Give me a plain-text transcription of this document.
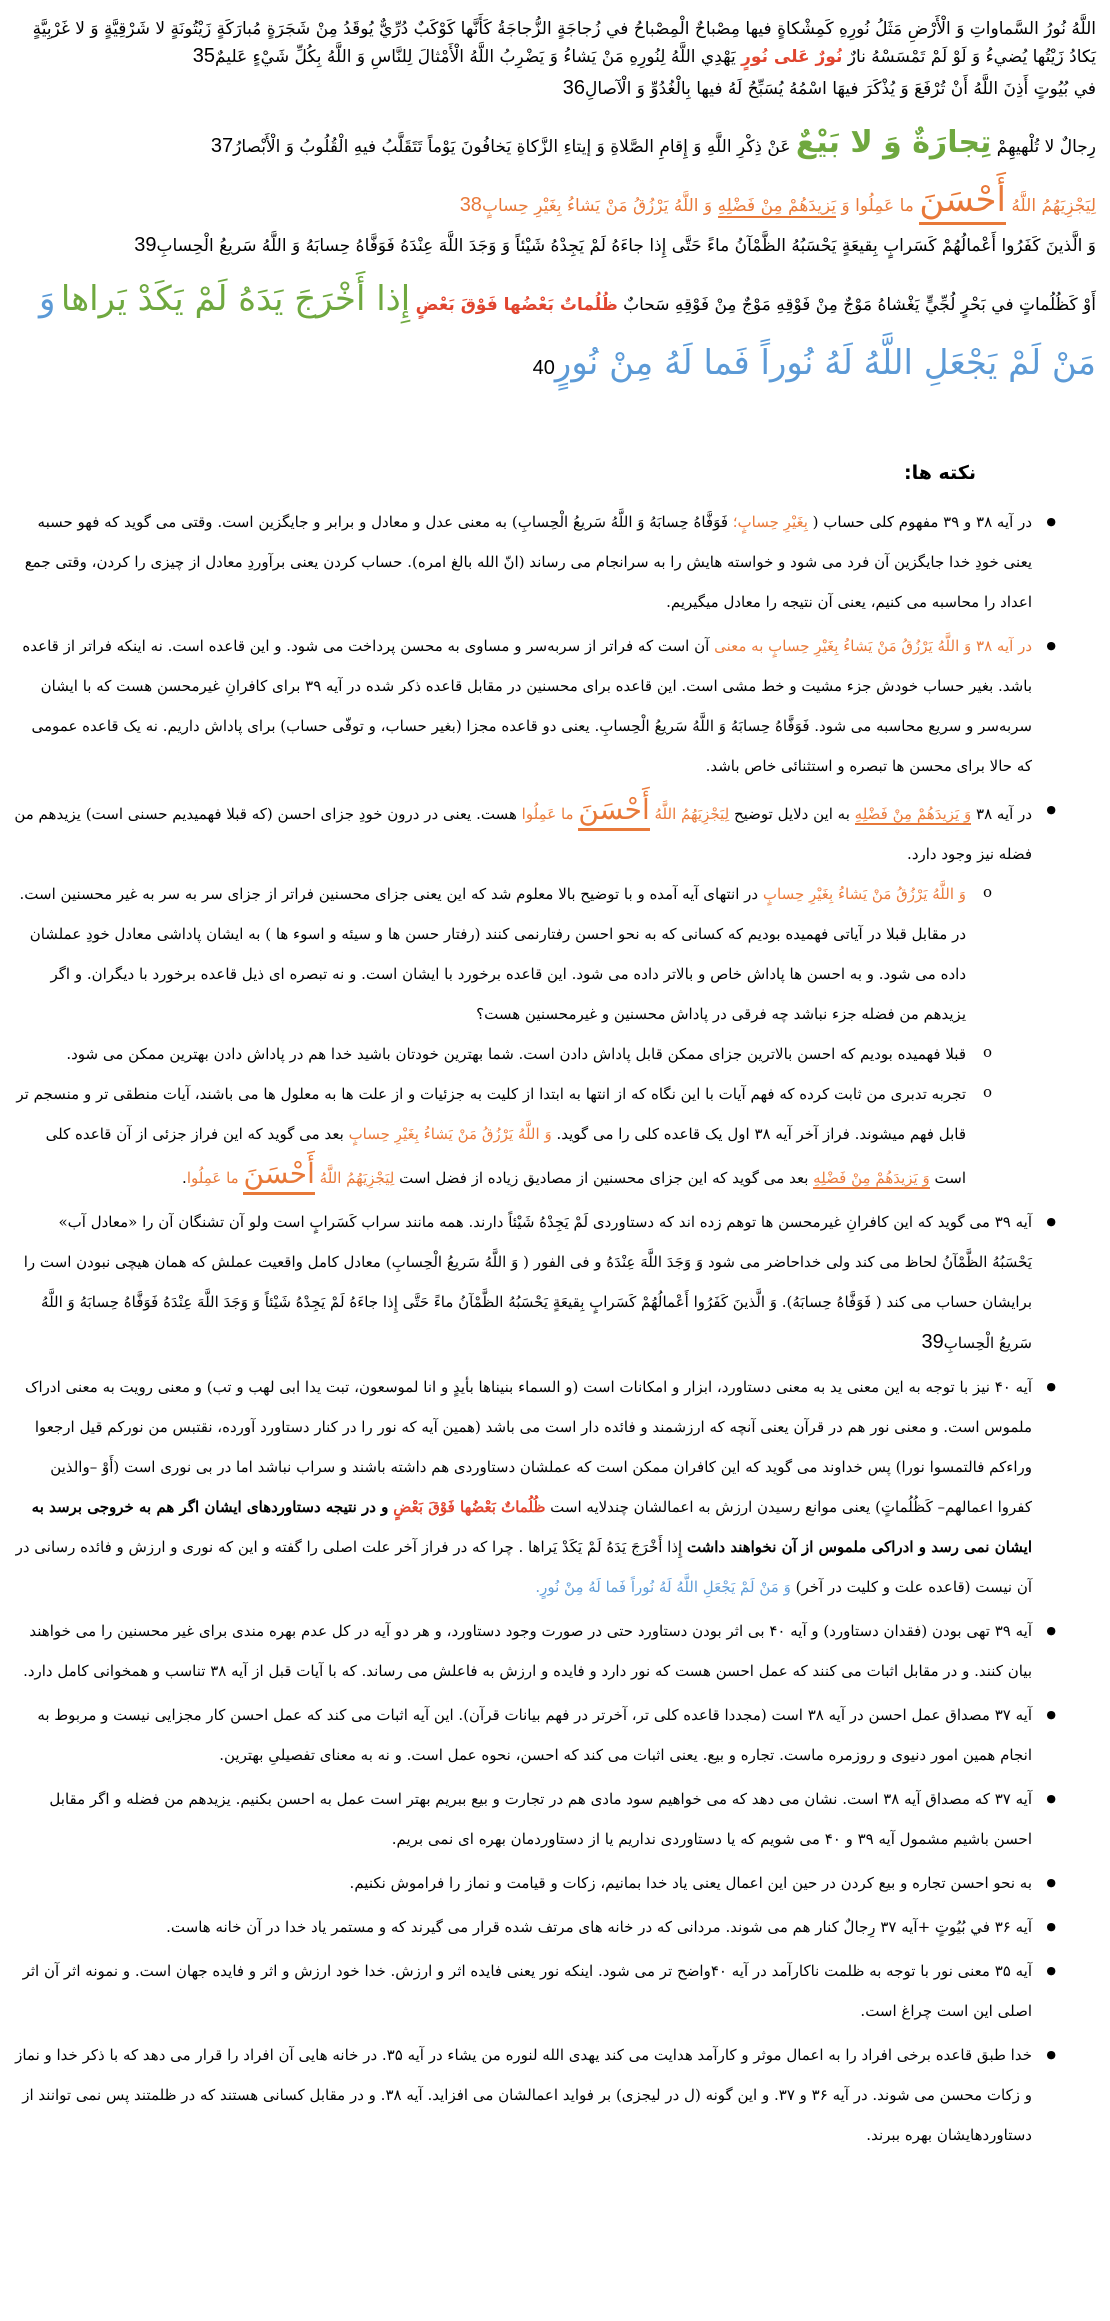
اللَّهُ نُورُ السَّماواتِ وَ الْأَرْضِ مَثَلُ نُورِهِ كَمِشْكاةٍ فيها مِصْباحٌ الْمِصْباحُ في زُجاجَةٍ الزُّجاجَةُ كَأَنَّها كَوْكَبٌ دُرِّيٌّ يُوقَدُ مِنْ شَجَرَةٍ مُبارَكَةٍ زَيْتُونَةٍ لا شَرْقِيَّةٍ وَ لا غَرْبِيَّةٍ يَكادُ زَيْتُها يُضي‏ءُ وَ لَوْ لَمْ تَمْسَسْهُ نارٌ نُورٌ عَلى‏ نُورٍ يَهْدِي اللَّهُ لِنُورِهِ مَنْ يَشاءُ وَ يَضْرِبُ اللَّهُ الْأَمْثالَ لِلنَّاسِ وَ اللَّهُ بِكُلِّ شَيْ‏ءٍ عَليمٌ35

في‏ بُيُوتٍ أَذِنَ اللَّهُ أَنْ تُرْفَعَ وَ يُذْكَرَ فيهَا اسْمُهُ يُسَبِّحُ لَهُ فيها بِالْغُدُوِّ وَ الْآصالِ36

رِجالٌ لا تُلْهيهِمْ تِجارَةٌ وَ لا بَيْعٌ عَنْ ذِكْرِ اللَّهِ وَ إِقامِ الصَّلاةِ وَ إيتاءِ الزَّكاةِ يَخافُونَ يَوْماً تَتَقَلَّبُ فيهِ الْقُلُوبُ وَ الْأَبْصارُ37

لِيَجْزِيَهُمُ اللَّهُ أَحْسَنَ ما عَمِلُوا وَ يَزيدَهُمْ مِنْ فَضْلِهِ وَ اللَّهُ يَرْزُقُ مَنْ يَشاءُ بِغَيْرِ حِسابٍ38

وَ الَّذينَ كَفَرُوا أَعْمالُهُمْ كَسَرابٍ بِقيعَةٍ يَحْسَبُهُ الظَّمْآنُ ماءً حَتَّى إِذا جاءَهُ لَمْ يَجِدْهُ شَيْئاً وَ وَجَدَ اللَّهَ عِنْدَهُ فَوَفَّاهُ حِسابَهُ وَ اللَّهُ سَريعُ الْحِسابِ39

أَوْ كَظُلُماتٍ في‏ بَحْرٍ لُجِّيٍّ يَغْشاهُ مَوْجٌ مِنْ فَوْقِهِ مَوْجٌ مِنْ فَوْقِهِ سَحابٌ ظُلُماتٌ بَعْضُها فَوْقَ بَعْضٍ إِذا أَخْرَجَ يَدَهُ لَمْ يَكَدْ يَراها وَ مَنْ لَمْ يَجْعَلِ اللَّهُ لَهُ نُوراً فَما لَهُ مِنْ نُورٍ40

نکته ها:
● در آیه ۳۸ و ۳۹ مفهوم کلی حساب ( بِغَيْرِ حِسابٍ؛ فَوَفَّاهُ حِسابَهُ وَ اللَّهُ سَريعُ الْحِسابِ) به معنی عدل و معادل و برابر و جایگزین است. وقتی می گوید که فهو حسبه یعنی خودِ خدا جایگزین آن فرد می شود و خواسته هایش را به سرانجام می رساند (انّ الله بالغ امره). حساب کردن یعنی برآوردِ معادل از چیزی را کردن، وقتی جمع اعداد را محاسبه می کنیم، یعنی آن نتیجه را معادل میگیریم.
● در آیه ۳۸ وَ اللَّهُ يَرْزُقُ مَنْ يَشاءُ بِغَيْرِ حِسابٍ به معنی آن است که فراتر از سربه‌سر و مساوی به محسن پرداخت می شود. و این قاعده است. نه اینکه فراتر از قاعده باشد. بغیر حساب خودش جزء مشیت و خط مشی است. این قاعده برای محسنین در مقابل قاعده ذکر شده در آیه ۳۹ برای کافرانِ غیرمحسن هست که با ایشان سربه‌سر و سریع محاسبه می شود. فَوَفَّاهُ حِسابَهُ وَ اللَّهُ سَريعُ الْحِسابِ. یعنی دو قاعده مجزا (بغیر حساب، و توفّی حساب) برای پاداش داریم. نه یک قاعده عمومی که حالا برای محسن ها تبصره و استثنائی خاص باشد.
● در آیه ۳۸ وَ يَزيدَهُمْ مِنْ فَضْلِهِ به این دلایل توضیح لِيَجْزِيَهُمُ اللَّهُ أَحْسَنَ ما عَمِلُوا هست. یعنی در درون خودِ جزای احسن (که قبلا فهمیدیم حسنی است) یزیدهم من فضله نیز وجود دارد.
o وَ اللَّهُ يَرْزُقُ مَنْ يَشاءُ بِغَيْرِ حِسابٍ در انتهای آیه آمده و با توضیح بالا معلوم شد که این یعنی جزای محسنین فراتر از جزای سر به سر به غیر محسنین است. در مقابل قبلا در آیاتی فهمیده بودیم که کسانی که به نحو احسن رفتارنمی کنند (رفتار حسن ها و سیئه و اسوء ها ) به ایشان پاداشی معادل خودِ عملشان داده می شود. و به احسن ها پاداش خاص و بالاتر داده می شود. این قاعده برخورد با ایشان است. و نه تبصره ای ذیل قاعده برخورد با دیگران. و اگر یزیدهم من فضله جزء نباشد چه فرقی در پاداش محسنین و غیرمحسنین هست؟
o قبلا فهمیده بودیم که احسن بالاترین جزای ممکن قابل پاداش دادن است. شما بهترین خودتان باشید خدا هم در پاداش دادن بهترین ممکن می شود.
o تجربه تدبری من ثابت کرده که فهم آیات با این نگاه که از انتها به ابتدا از کلیت به جزئیات و از علت ها به معلول ها می باشند، آیات منطقی تر و منسجم تر قابل فهم میشوند. فراز آخر آیه ۳۸ اول یک قاعده کلی را می گوید. وَ اللَّهُ يَرْزُقُ مَنْ يَشاءُ بِغَيْرِ حِسابٍ بعد می گوید که این فراز جزئی از آن قاعده کلی است وَ يَزيدَهُمْ مِنْ فَضْلِهِ بعد می گوید که این جزای محسنین از مصادیق زیاده از فضل است لِيَجْزِيَهُمُ اللَّهُ أَحْسَنَ ما عَمِلُوا.
● آیه ۳۹ می گوید که این کافرانِ غیرمحسن ها توهم زده اند که دستاوردی لَمْ يَجِدْهُ شَيْئاً دارند. همه مانند سراب كَسَرابٍ است ولو آن تشنگان آن را «معادل آب» يَحْسَبُهُ الظَّمْآنُ لحاظ می کند ولی خداحاضر می شود وَ وَجَدَ اللَّهَ عِنْدَهُ و فی الفور ( وَ اللَّهُ سَريعُ الْحِسابِ) معادل کامل واقعیت عملش که همان هیچی نبودن است را برایشان حساب می کند ( فَوَفَّاهُ حِسابَهُ). وَ الَّذينَ كَفَرُوا أَعْمالُهُمْ كَسَرابٍ بِقيعَةٍ يَحْسَبُهُ الظَّمْآنُ ماءً حَتَّى إِذا جاءَهُ لَمْ يَجِدْهُ شَيْئاً وَ وَجَدَ اللَّهَ عِنْدَهُ فَوَفَّاهُ حِسابَهُ وَ اللَّهُ سَريعُ الْحِسابِ39
● آیه ۴۰ نیز با توجه به این معنی ید به معنی دستاورد، ابزار و امکانات است (و السماء بنیناها بأیدٍ و انا لموسعون، تبت یدا ابی لهب و تب) و معنی رویت به معنی ادراک ملموس است. و معنی نور هم در قرآن یعنی آنچه که ارزشمند و فائده دار است می باشد (همین آیه که نور را در کنار دستاورد آورده، نقتبس من نورکم قیل ارجعوا وراءکم فالتمسوا نورا) پس خداوند می گوید که این کافران ممکن است که عملشان دستاوردی هم داشته باشند و سراب نباشد اما در بی نوری است (أَوْ –والذین کفروا اعمالهم– كَظُلُماتٍ) یعنی موانع رسیدن ارزش به اعمالشان چندلایه است ظُلُماتٌ بَعْضُها فَوْقَ بَعْضٍ و در نتیجه دستاوردهای ایشان اگر هم به خروجی برسد به ایشان نمی رسد و ادراکی ملموس از آن نخواهند داشت إِذا أَخْرَجَ يَدَهُ لَمْ يَكَدْ يَراها . چرا که در فراز آخر علت اصلی را گفته و این که نوری و ارزش و فائده رسانی در آن نیست (قاعده علت و کلیت در آخر) وَ مَنْ لَمْ يَجْعَلِ اللَّهُ لَهُ نُوراً فَما لَهُ مِنْ نُورٍ.
● آیه ۳۹ تهی بودن (فقدان دستاورد) و آیه ۴۰ بی اثر بودن دستاورد حتی در صورت وجود دستاورد، و هر دو آیه در کل عدم بهره مندی برای غیر محسنین را می خواهند بیان کنند. و در مقابل اثبات می کنند که عمل احسن هست که نور دارد و فایده و ارزش به فاعلش می رساند. که با آیات قبل از آیه ۳۸ تناسب و همخوانی کامل دارد.
● آیه ۳۷ مصداق عمل احسن در آیه ۳۸ است (مجددا قاعده کلی تر، آخرتر در فهم بیانات قرآن). این آیه اثبات می کند که عمل احسن کار مجزایی نیست و مربوط به انجام همین امور دنیوی و روزمره ماست. تجاره و بیع. یعنی اثبات می کند که احسن، نحوه عمل است. و نه به معنای تفصیلیِ بهترین.
● آیه ۳۷ که مصداق آیه ۳۸ است. نشان می دهد که می خواهیم سود مادی هم در تجارت و بیع ببریم بهتر است عمل به احسن بکنیم. یزیدهم من فضله و اگر مقابل احسن باشیم مشمول آیه ۳۹ و ۴۰ می شویم که یا دستاوردی نداریم یا از دستاوردمان بهره ای نمی بریم.
● به نحو احسن تجاره و بیع کردن در حین این اعمال یعنی یاد خدا بمانیم، زکات و قیامت و نماز را فراموش نکنیم.
● آیه ۳۶ في‏ بُيُوتٍ +آیه ۳۷ رِجالٌ کنار هم می شوند. مردانی که در خانه های مرتف شده قرار می گیرند که و مستمر یاد خدا در آن خانه هاست.
● آیه ۳۵ معنی نور با توجه به ظلمت ناکارآمد در آیه ۴۰واضح تر می شود. اینکه نور یعنی فایده اثر و ارزش. خدا خود ارزش و اثر و فایده جهان است. و نمونه اثر آن اثر اصلی این است چراغ است.
● خدا طبق قاعده برخی افراد را به اعمال موثر و کارآمد هدایت می کند یهدی الله لنوره من یشاء در آیه ۳۵. در خانه هایی آن افراد را قرار می دهد که با ذکر خدا و نماز و زکات محسن می شوند. در آیه ۳۶ و ۳۷. و این گونه (ل در لیجزی) بر فواید اعمالشان می افزاید. آیه ۳۸. و در مقابل کسانی هستند که در ظلمتند پس نمی توانند از دستاوردهایشان بهره ببرند.
